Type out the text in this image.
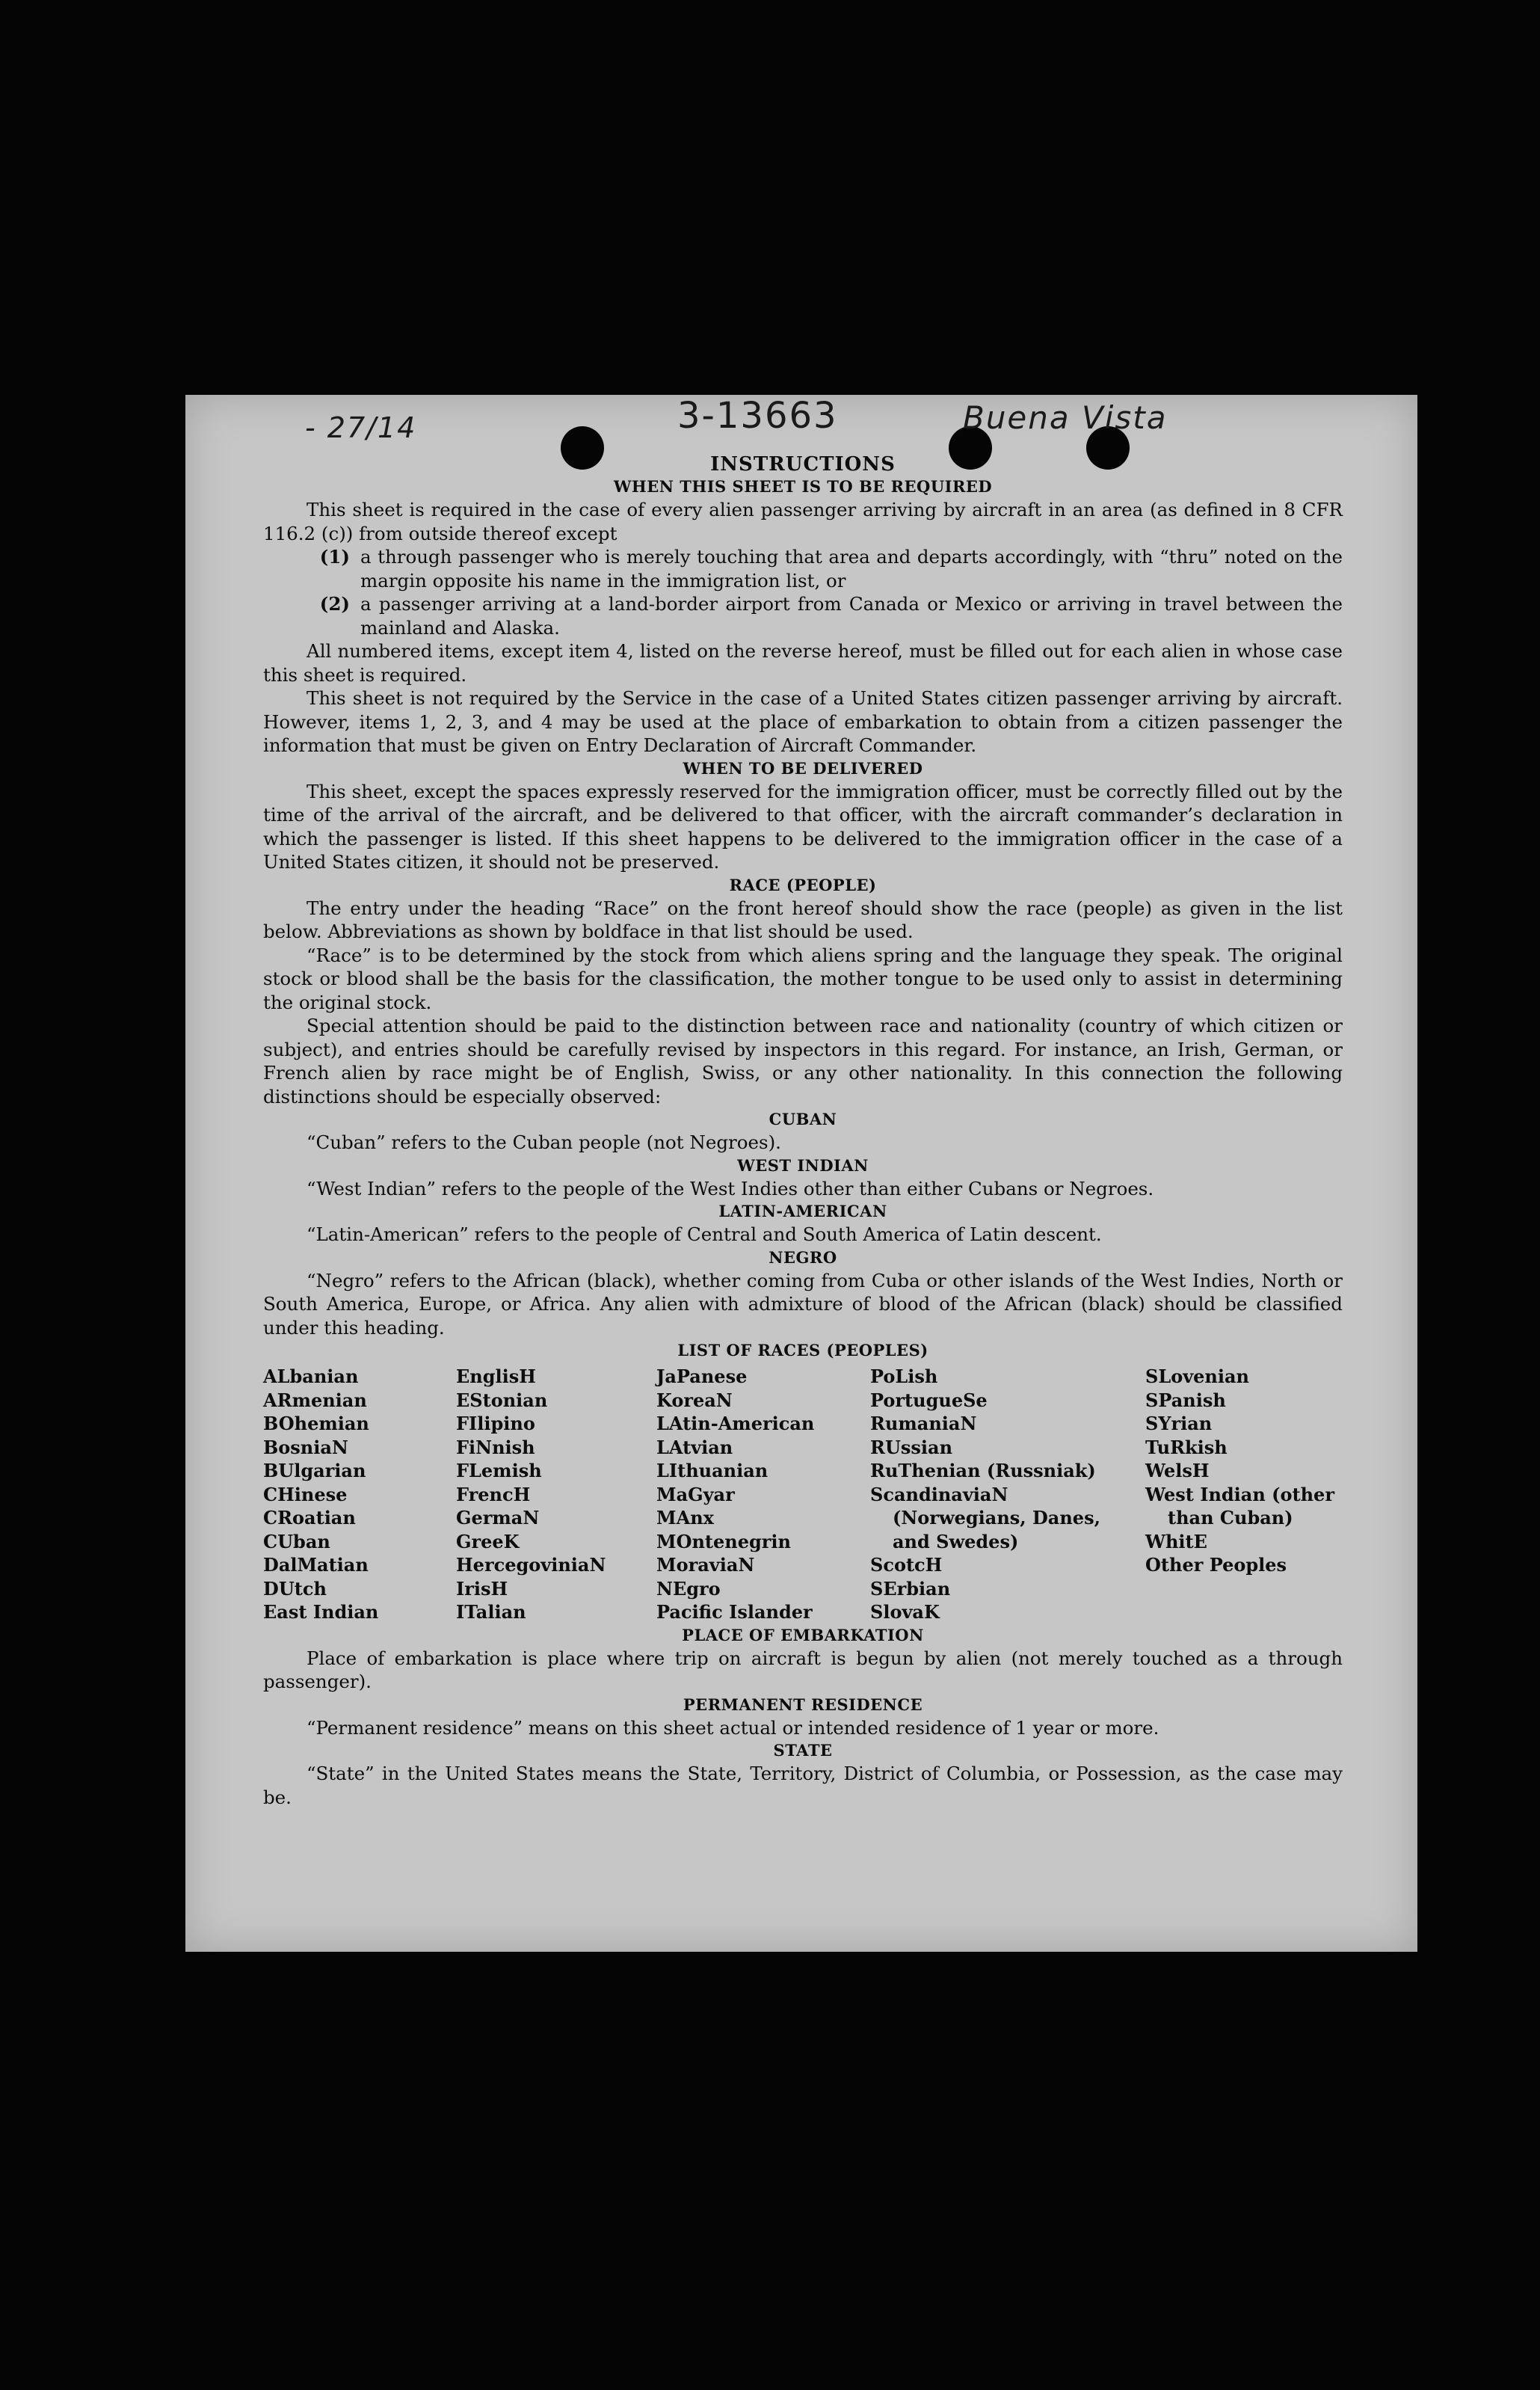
- 27/14	3-13663	Buena Vista
INSTRUCTIONS
WHEN THIS SHEET IS TO BE REQUIRED

This sheet is required in the case of every alien passenger arriving by aircraft in an area (as defined in 8 CFR 116.2 (c)) from outside thereof except

(1) a through passenger who is merely touching that area and departs accordingly, with “thru” noted on the margin opposite his name in the immigration list, or
(2) a passenger arriving at a land-border airport from Canada or Mexico or arriving in travel between the mainland and Alaska.

All numbered items, except item 4, listed on the reverse hereof, must be filled out for each alien in whose case this sheet is required.

This sheet is not required by the Service in the case of a United States citizen passenger arriving by aircraft. However, items 1, 2, 3, and 4 may be used at the place of embarkation to obtain from a citizen passenger the information that must be given on Entry Declaration of Aircraft Commander.

WHEN TO BE DELIVERED

This sheet, except the spaces expressly reserved for the immigration officer, must be correctly filled out by the time of the arrival of the aircraft, and be delivered to that officer, with the aircraft commander’s declaration in which the passenger is listed. If this sheet happens to be delivered to the immigration officer in the case of a United States citizen, it should not be preserved.

RACE (PEOPLE)

The entry under the heading “Race” on the front hereof should show the race (people) as given in the list below. Abbreviations as shown by boldface in that list should be used.

“Race” is to be determined by the stock from which aliens spring and the language they speak. The original stock or blood shall be the basis for the classification, the mother tongue to be used only to assist in determining the original stock.

Special attention should be paid to the distinction between race and nationality (country of which citizen or subject), and entries should be carefully revised by inspectors in this regard. For instance, an Irish, German, or French alien by race might be of English, Swiss, or any other nationality. In this connection the following distinctions should be especially observed:

CUBAN

“Cuban” refers to the Cuban people (not Negroes).

WEST INDIAN

“West Indian” refers to the people of the West Indies other than either Cubans or Negroes.

LATIN-AMERICAN

“Latin-American” refers to the people of Central and South America of Latin descent.

NEGRO

“Negro” refers to the African (black), whether coming from Cuba or other islands of the West Indies, North or South America, Europe, or Africa. Any alien with admixture of blood of the African (black) should be classified under this heading.

LIST OF RACES (PEOPLES)
ALbanian
ARmenian
BOhemian
BosniaN
BUlgarian
CHinese
CRoatian
CUban
DalMatian
DUtch
East Indian
EnglisH
EStonian
FIlipino
FiNnish
FLemish
FrencH
GermaN
GreeK
HercegoviniaN
IrisH
ITalian
JaPanese
KoreaN
LAtin-American
LAtvian
LIthuanian
MaGyar
MAnx
MOntenegrin
MoraviaN
NEgro
Pacific Islander
PoLish
PortugueSe
RumaniaN
RUssian
RuThenian (Russniak)
ScandinaviaN (Norwegians, Danes, and Swedes)
ScotcH
SErbian
SlovaK
SLovenian
SPanish
SYrian
TuRkish
WelsH
West Indian (other than Cuban)
WhitE
Other Peoples
PLACE OF EMBARKATION

Place of embarkation is place where trip on aircraft is begun by alien (not merely touched as a through passenger).

PERMANENT RESIDENCE

“Permanent residence” means on this sheet actual or intended residence of 1 year or more.

STATE

“State” in the United States means the State, Territory, District of Columbia, or Possession, as the case may be.
